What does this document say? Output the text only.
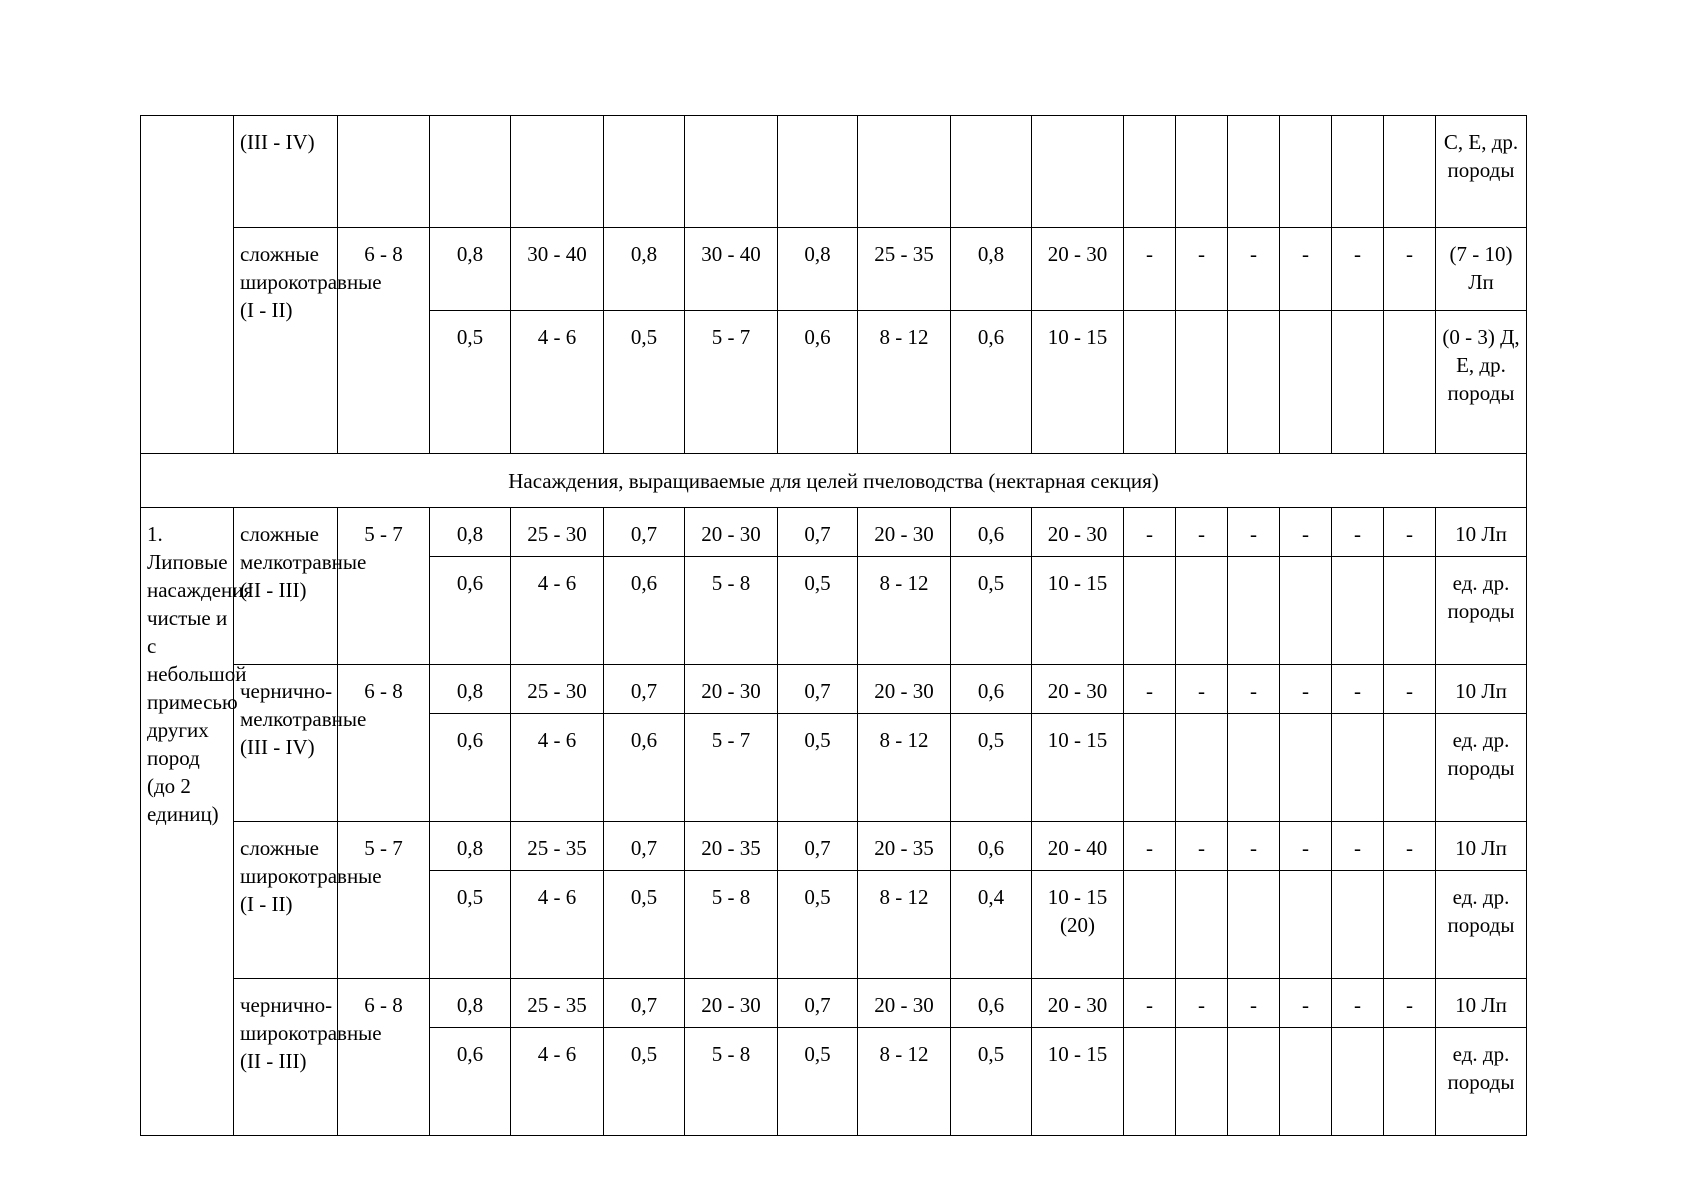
	(III - IV)																С, Е, др. породы
	сложные широкотравные (I - II)	6 - 8	0,8	30 - 40	0,8	30 - 40	0,8	25 - 35	0,8	20 - 30	-	-	-	-	-	-	(7 - 10) Лп
			0,5	4 - 6	0,5	5 - 7	0,6	8 - 12	0,6	10 - 15							(0 - 3) Д, Е, др. породы
Насаждения, выращиваемые для целей пчеловодства (нектарная секция)																	
1. Липовые насаждения чистые и с небольшой примесью других пород (до 2 единиц)	сложные мелкотравные (II - III)	5 - 7	0,8	25 - 30	0,7	20 - 30	0,7	20 - 30	0,6	20 - 30	-	-	-	-	-	-	10 Лп
			0,6	4 - 6	0,6	5 - 8	0,5	8 - 12	0,5	10 - 15							ед. др. породы
	чернично-мелкотравные (III - IV)	6 - 8	0,8	25 - 30	0,7	20 - 30	0,7	20 - 30	0,6	20 - 30	-	-	-	-	-	-	10 Лп
			0,6	4 - 6	0,6	5 - 7	0,5	8 - 12	0,5	10 - 15							ед. др. породы
	сложные широкотравные (I - II)	5 - 7	0,8	25 - 35	0,7	20 - 35	0,7	20 - 35	0,6	20 - 40	-	-	-	-	-	-	10 Лп
			0,5	4 - 6	0,5	5 - 8	0,5	8 - 12	0,4	10 - 15 (20)							ед. др. породы
	чернично-широкотравные (II - III)	6 - 8	0,8	25 - 35	0,7	20 - 30	0,7	20 - 30	0,6	20 - 30	-	-	-	-	-	-	10 Лп
			0,6	4 - 6	0,5	5 - 8	0,5	8 - 12	0,5	10 - 15							ед. др. породы
